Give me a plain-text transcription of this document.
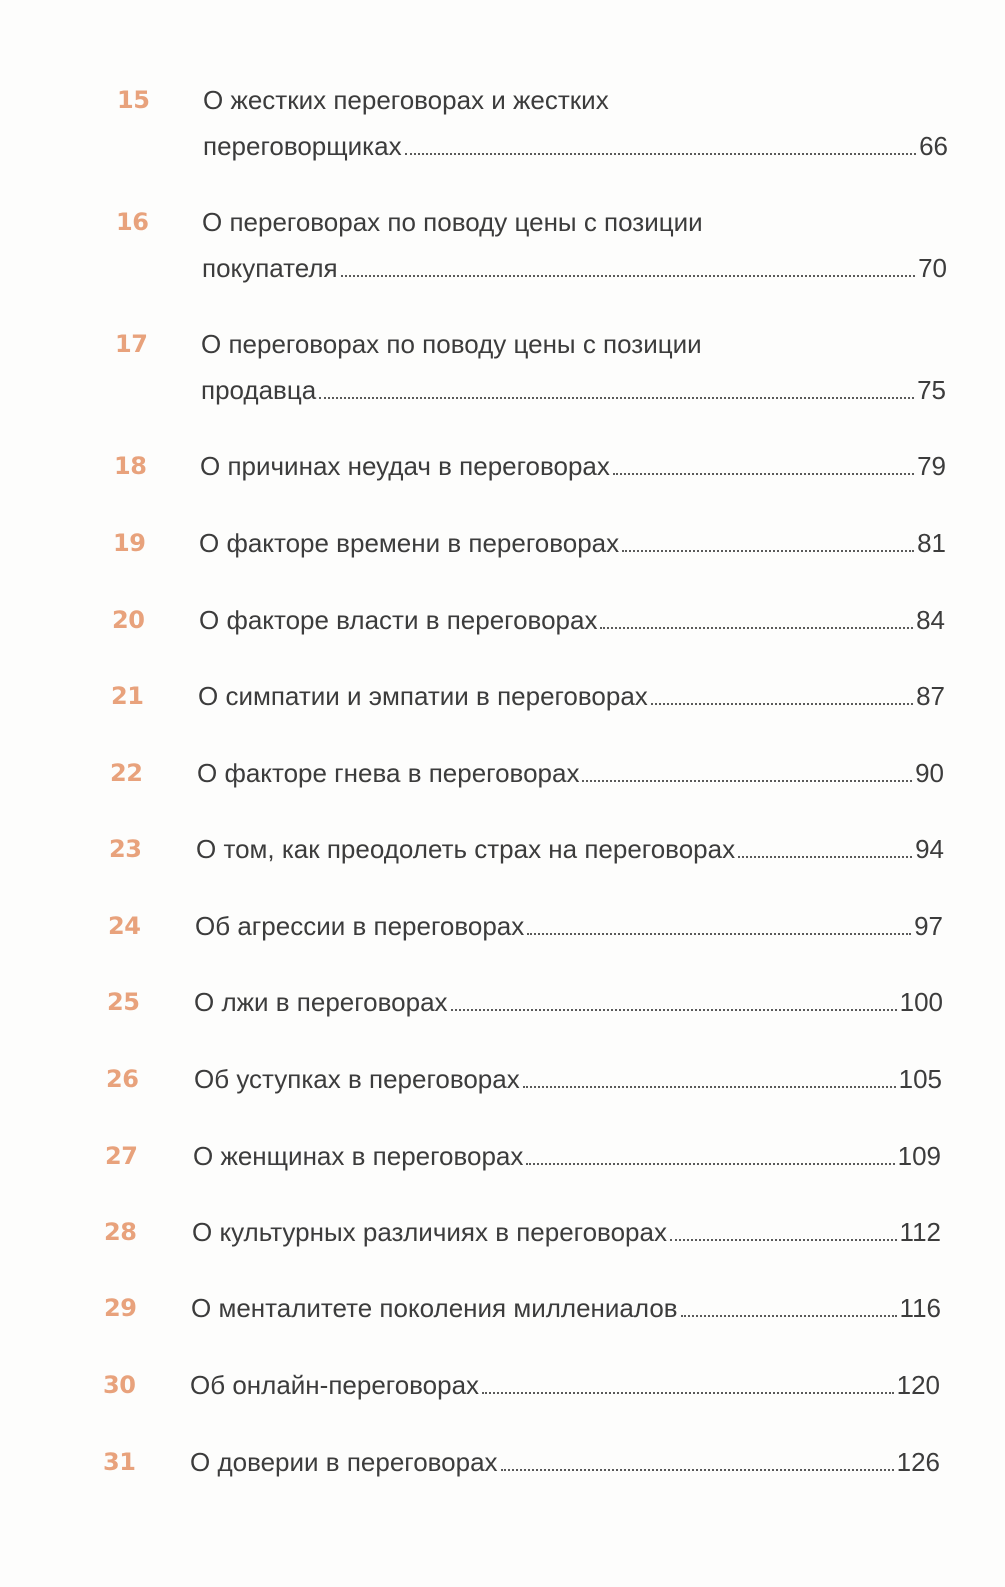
15 О жестких переговорах и жестких
переговорщиках	66
16 О переговорах по поводу цены с позиции
покупателя	70
17 О переговорах по поводу цены с позиции
продавца	75
18 О причинах неудач в переговорах	79
19 О факторе времени в переговорах	81
20 О факторе власти в переговорах	84
21 О симпатии и эмпатии в переговорах	87
22 О факторе гнева в переговорах	90
23 О том, как преодолеть страх на переговорах	94
24 Об агрессии в переговорах	97
25 О лжи в переговорах	100
26 Об уступках в переговорах	105
27 О женщинах в переговорах	109
28 О культурных различиях в переговорах	112
29 О менталитете поколения миллениалов	116
30 Об онлайн-переговорах	120
31 О доверии в переговорах	126
